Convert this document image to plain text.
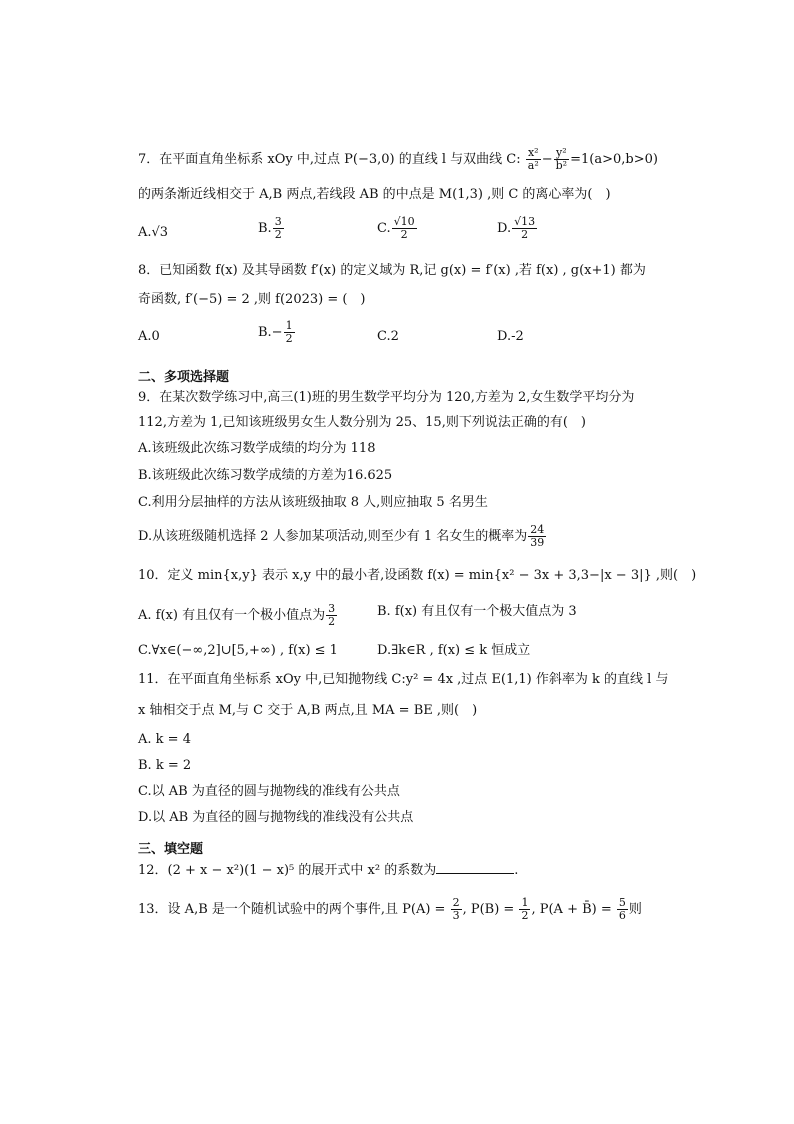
7．在平面直角坐标系 xOy 中,过点 P(−3,0) 的直线 l 与双曲线 C: $\frac{\text{x²}}{\text{a²}} - \frac{\text{y²}}{\text{b²}} =1(a>0,b>0)$
的两条渐近线相交于 A,B 两点,若线段 AB 的中点是 M(1,3) ,则 C 的离心率为(　)
A.√3	B. $\frac{3}{2}$	C. $\frac{√10}{2}$	D. $\frac{√13}{2}$
8．已知函数 f(x) 及其导函数 f′(x) 的定义域为 R,记 g(x) = f′(x) ,若 f(x) , g(x+1) 都为
奇函数, f′(−5) = 2 ,则 f(2023) = (　)
A.0	$B.- \frac{1}{2}$	C.2	D.-2
二、多项选择题
9．在某次数学练习中,高三(1)班的男生数学平均分为 120,方差为 2,女生数学平均分为
112,方差为 1,已知该班级男女生人数分别为 25、15,则下列说法正确的有(　)
A.该班级此次练习数学成绩的均分为 118
B.该班级此次练习数学成绩的方差为16.625
C.利用分层抽样的方法从该班级抽取 8 人,则应抽取 5 名男生
D.从该班级随机选择 2 人参加某项活动,则至少有 1 名女生的概率为 $\frac{24}{39}$
10．定义 min{x,y} 表示 x,y 中的最小者,设函数 f(x) = min{x² − 3x + 3,3−|x − 3|} ,则(　)
A. f(x) 有且仅有一个极小值点为 $\frac{3}{2}$	B. f(x) 有且仅有一个极大值点为 3
C.∀x∈(−∞,2]∪[5,+∞) , f(x) ≤ 1	D.∃k∈R , f(x) ≤ k 恒成立
11．在平面直角坐标系 xOy 中,已知抛物线 C:y² = 4x ,过点 E(1,1) 作斜率为 k 的直线 l 与
x 轴相交于点 M,与 C 交于 A,B 两点,且 MA = BE ,则(　)
A. k = 4
B. k = 2
C.以 AB 为直径的圆与抛物线的准线有公共点
D.以 AB 为直径的圆与抛物线的准线没有公共点
三、填空题
12．(2 + x − x²)(1 − x)⁵ 的展开式中 x² 的系数为	.
13．设 A,B 是一个随机试验中的两个事件,且 $P(A) = \frac{2}{3}$ , $P(B) = \frac{1}{2}$ , P(A + B̄) = $\frac{5}{6}$ 则
